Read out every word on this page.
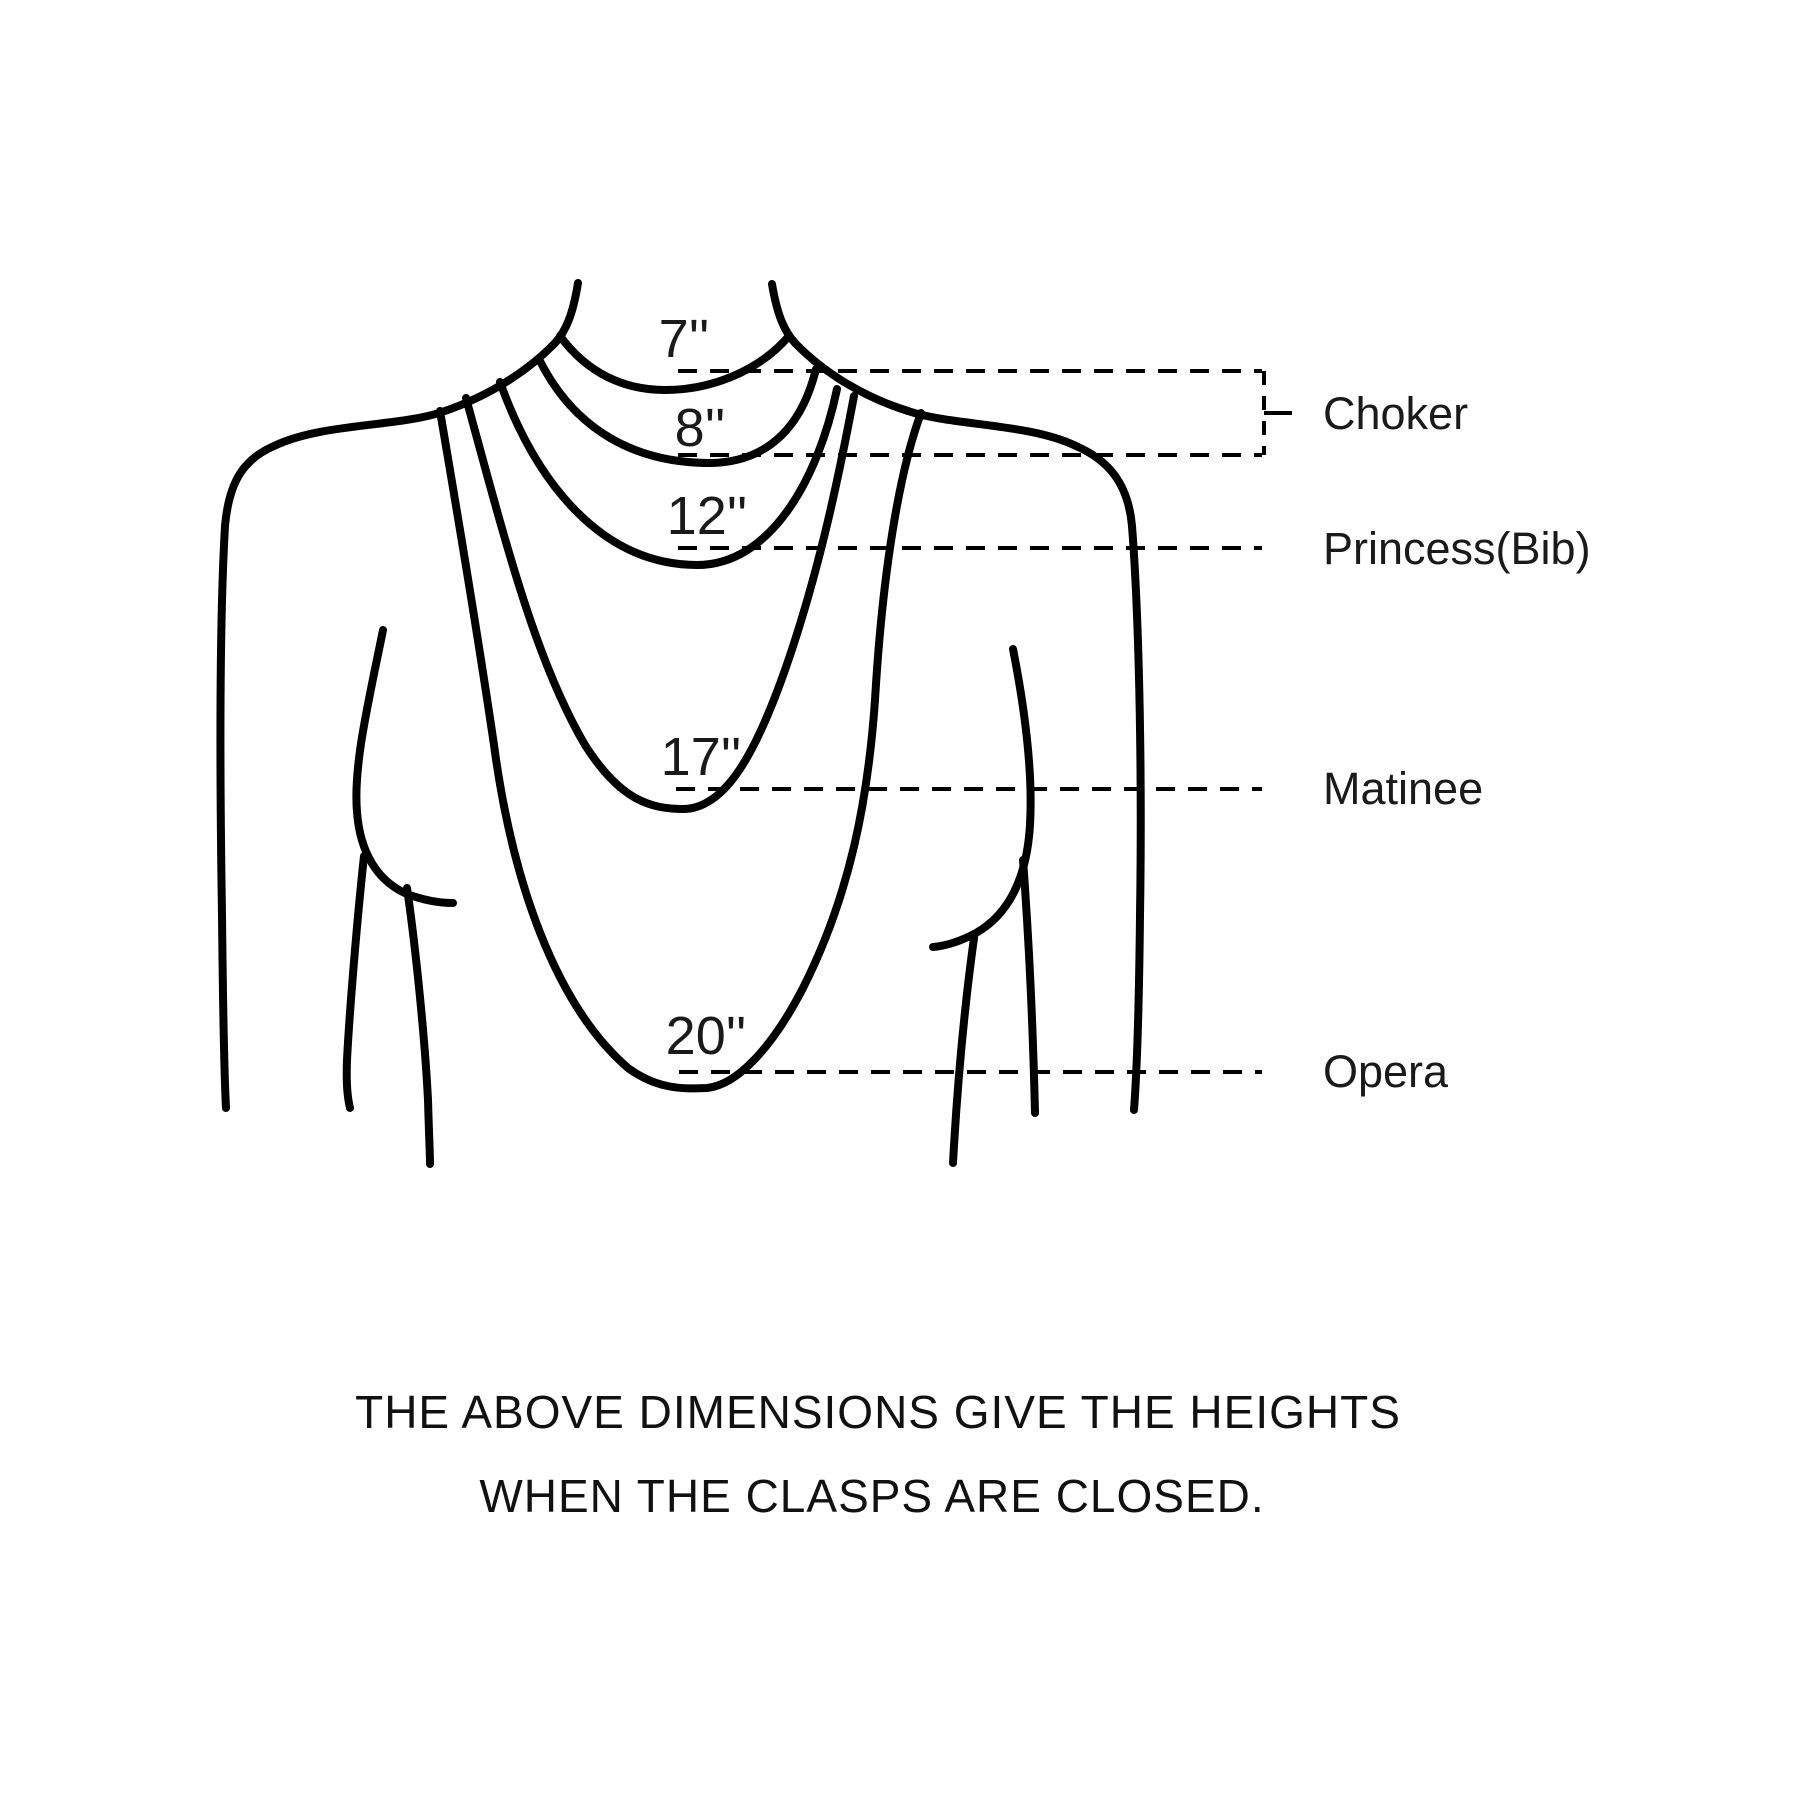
7''
8''
12''
17''
20''
Choker
Princess(Bib)
Matinee
Opera
THE ABOVE DIMENSIONS GIVE THE HEIGHTS
WHEN THE CLASPS ARE CLOSED.
